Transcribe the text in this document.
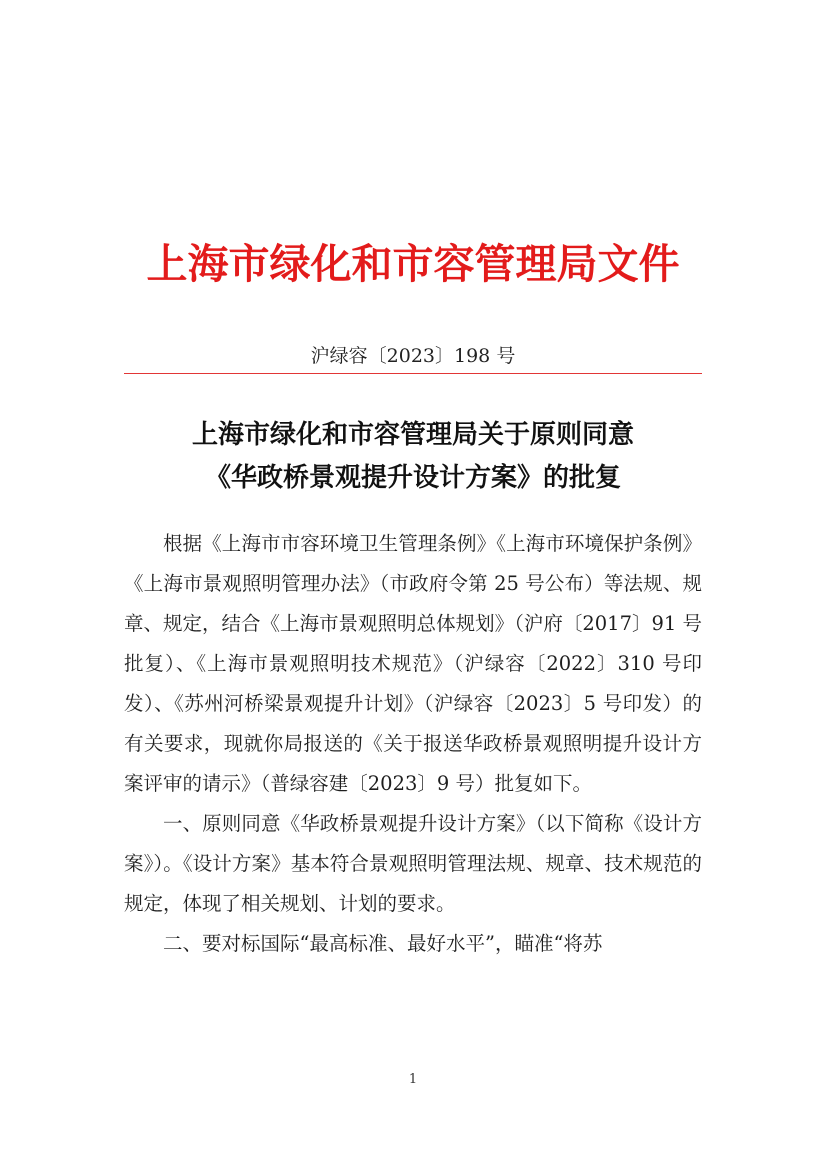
上海市绿化和市容管理局文件
沪绿容〔2023〕198 号
上海市绿化和市容管理局关于原则同意
《华政桥景观提升设计方案》的批复

根据《上海市市容环境卫生管理条例》《上海市环境保护条例》《上海市景观照明管理办法》（市政府令第 25 号公布）等法规、规章、规定，结合《上海市景观照明总体规划》（沪府〔2017〕91 号批复）、《上海市景观照明技术规范》（沪绿容〔2022〕310 号印发）、《苏州河桥梁景观提升计划》（沪绿容〔2023〕5 号印发）的有关要求，现就你局报送的《关于报送华政桥景观照明提升设计方案评审的请示》（普绿容建〔2023〕9 号）批复如下。

一、原则同意《华政桥景观提升设计方案》（以下简称《设计方案》）。《设计方案》基本符合景观照明管理法规、规章、技术规范的规定，体现了相关规划、计划的要求。

二、要对标国际“最高标准、最好水平”，瞄准“将苏

1
